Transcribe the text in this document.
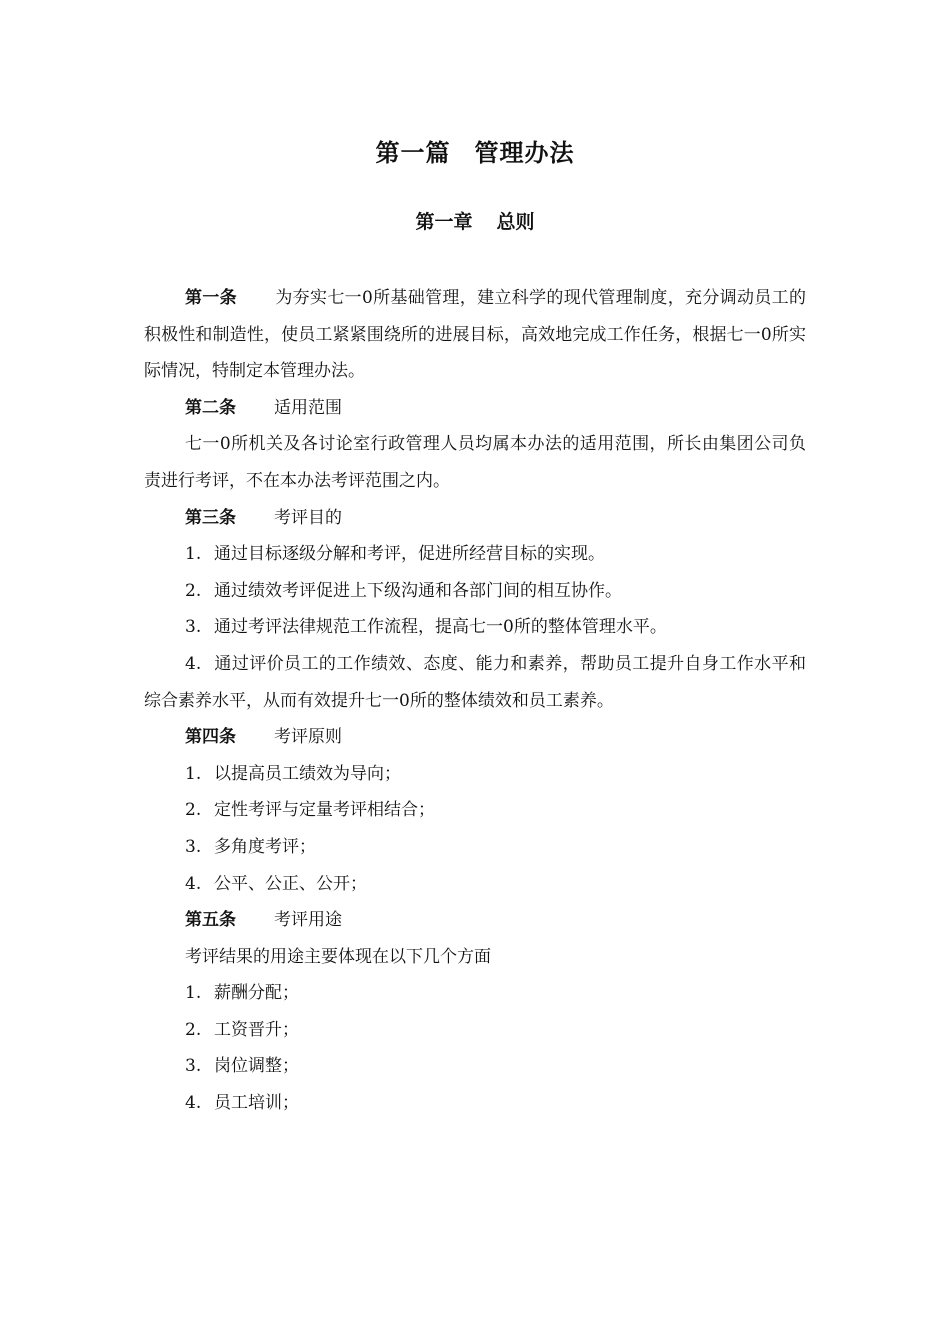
第一篇 管理办法
第一章 总则

第一条 为夯实七一0所基础管理，建立科学的现代管理制度，充分调动员工的积极性和制造性，使员工紧紧围绕所的进展目标，高效地完成工作任务，根据七一0所实际情况，特制定本管理办法。

第二条 适用范围

七一0所机关及各讨论室行政管理人员均属本办法的适用范围，所长由集团公司负责进行考评，不在本办法考评范围之内。

第三条 考评目的

1. 通过目标逐级分解和考评，促进所经营目标的实现。

2. 通过绩效考评促进上下级沟通和各部门间的相互协作。

3. 通过考评法律规范工作流程，提高七一0所的整体管理水平。

4. 通过评价员工的工作绩效、态度、能力和素养，帮助员工提升自身工作水平和综合素养水平，从而有效提升七一0所的整体绩效和员工素养。

第四条 考评原则

1. 以提高员工绩效为导向；

2. 定性考评与定量考评相结合；

3. 多角度考评；

4. 公平、公正、公开；

第五条 考评用途

考评结果的用途主要体现在以下几个方面

1. 薪酬分配；

2. 工资晋升；

3. 岗位调整；

4. 员工培训；
